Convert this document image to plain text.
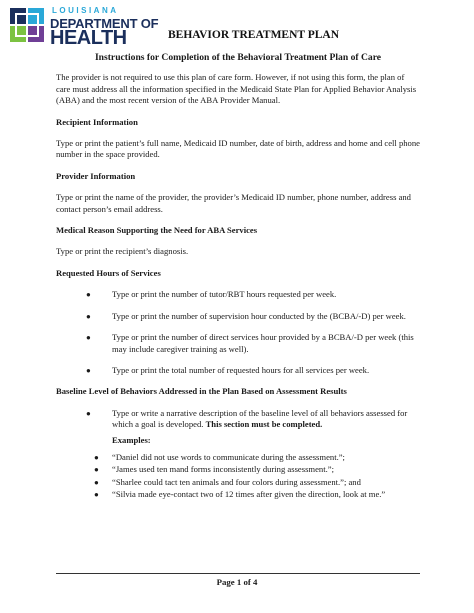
LOUISIANA
DEPARTMENT OF
HEALTH	BEHAVIOR TREATMENT PLAN

Instructions for Completion of the Behavioral Treatment Plan of Care

The provider is not required to use this plan of care form. However, if not using this form, the plan of care must address all the information specified in the Medicaid State Plan for Applied Behavior Analysis (ABA) and the most recent version of the ABA Provider Manual.

Recipient Information

Type or print the patient’s full name, Medicaid ID number, date of birth, address and home and cell phone number in the space provided.

Provider Information

Type or print the name of the provider, the provider’s Medicaid ID number, phone number, address and contact person’s email address.

Medical Reason Supporting the Need for ABA Services

Type or print the recipient’s diagnosis.

Requested Hours of Services

● Type or print the number of tutor/RBT hours requested per week.
● Type or print the number of supervision hour conducted by the (BCBA/-D) per week.
● Type or print the number of direct services hour provided by a BCBA/-D per week (this may include caregiver training as well).
● Type or print the total number of requested hours for all services per week.

Baseline Level of Behaviors Addressed in the Plan Based on Assessment Results

● Type or write a narrative description of the baseline level of all behaviors assessed for which a goal is developed. This section must be completed.

Examples:

● “Daniel did not use words to communicate during the assessment.”;
● “James used ten mand forms inconsistently during assessment.”;
● “Sharlee could tact ten animals and four colors during assessment.”; and
● “Silvia made eye-contact two of 12 times after given the direction, look at me.”
Page 1 of 4
